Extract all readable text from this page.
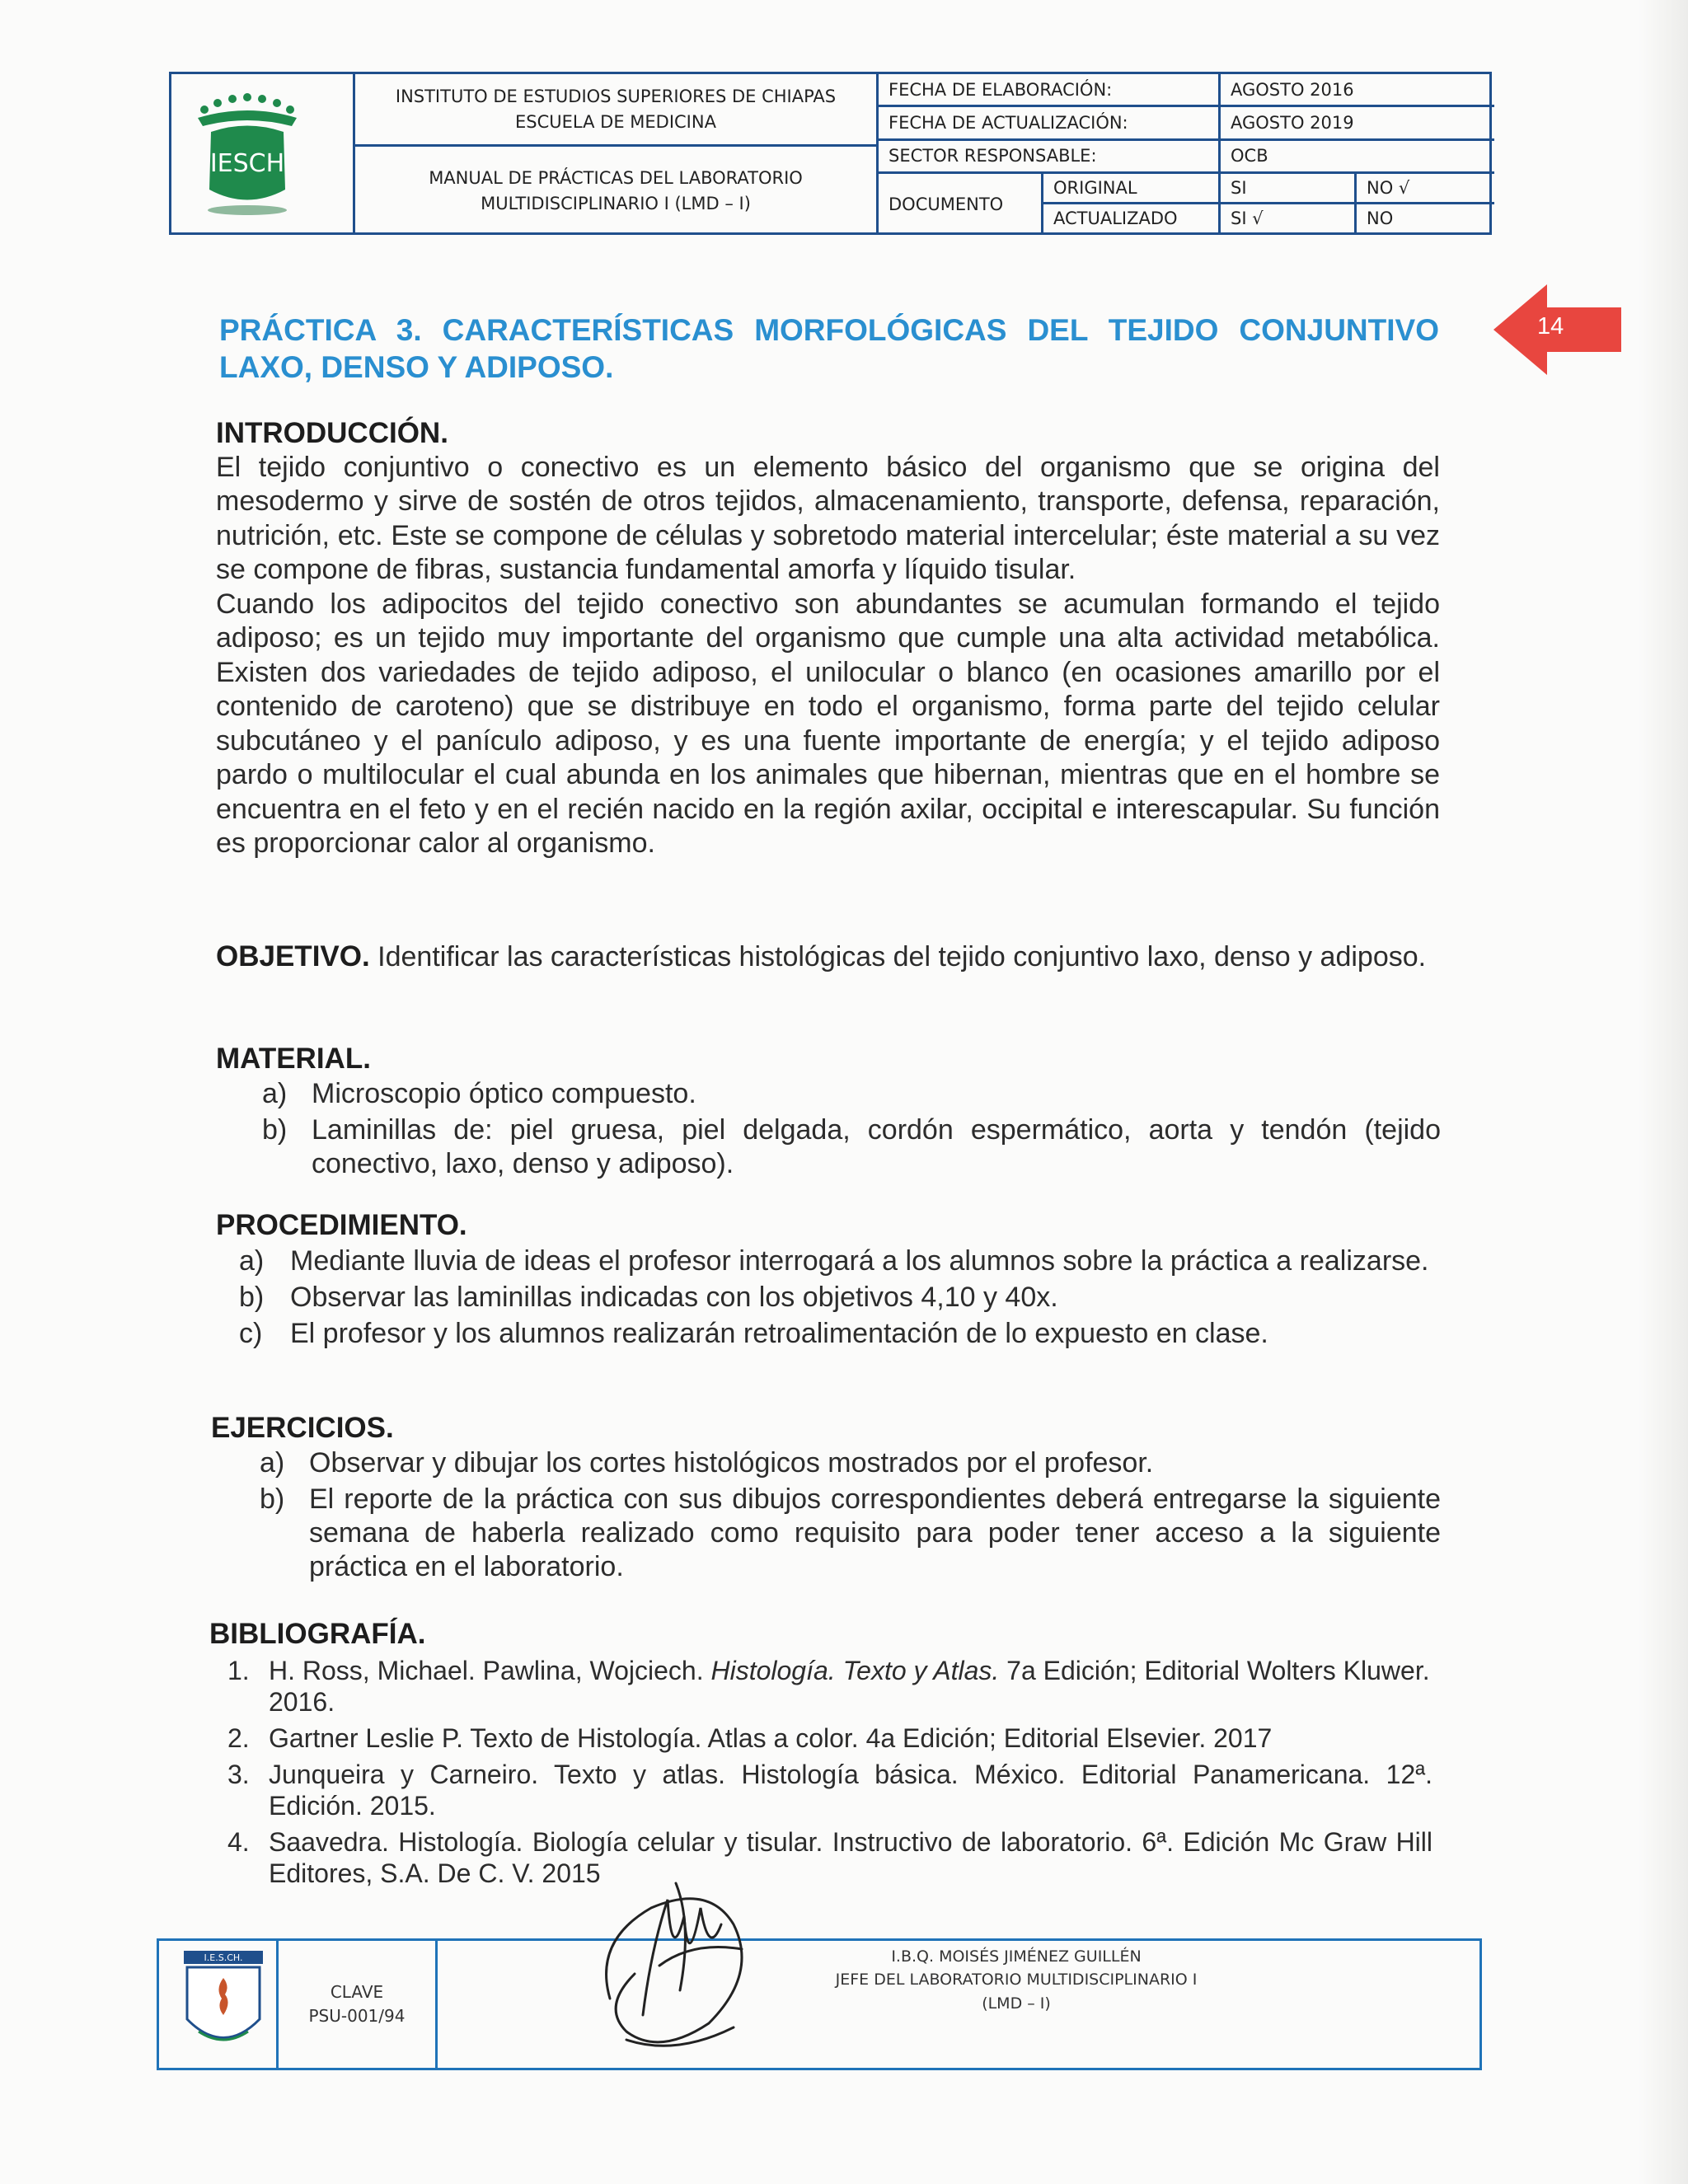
IESCH
INSTITUTO DE ESTUDIOS SUPERIORES DE CHIAPAS
ESCUELA DE MEDICINA
MANUAL DE PRÁCTICAS DEL LABORATORIO
MULTIDISCIPLINARIO I (LMD – I)
FECHA DE ELABORACIÓN:	AGOSTO 2016
FECHA DE ACTUALIZACIÓN:	AGOSTO 2019
SECTOR RESPONSABLE:	OCB
DOCUMENTO
ORIGINAL	SI	NO √
ACTUALIZADO	SI √	NO
14
PRÁCTICA 3. CARACTERÍSTICAS MORFOLÓGICAS DEL TEJIDO CONJUNTIVO LAXO, DENSO Y ADIPOSO.
INTRODUCCIÓN.

El tejido conjuntivo o conectivo es un elemento básico del organismo que se origina del mesodermo y sirve de sostén de otros tejidos, almacenamiento, transporte, defensa, reparación, nutrición, etc. Este se compone de células y sobretodo material intercelular; éste material a su vez se compone de fibras, sustancia fundamental amorfa y líquido tisular.

Cuando los adipocitos del tejido conectivo son abundantes se acumulan formando el tejido adiposo; es un tejido muy importante del organismo que cumple una alta actividad metabólica. Existen dos variedades de tejido adiposo, el unilocular o blanco (en ocasiones amarillo por el contenido de caroteno) que se distribuye en todo el organismo, forma parte del tejido celular subcutáneo y el panículo adiposo, y es una fuente importante de energía; y el tejido adiposo pardo o multilocular el cual abunda en los animales que hibernan, mientras que en el hombre se encuentra en el feto y en el recién nacido en la región axilar, occipital e interescapular. Su función es proporcionar calor al organismo.

OBJETIVO. Identificar las características histológicas del tejido conjuntivo laxo, denso y adiposo.
MATERIAL.
a) Microscopio óptico compuesto.
b) Laminillas de: piel gruesa, piel delgada, cordón espermático, aorta y tendón (tejido conectivo, laxo, denso y adiposo).
PROCEDIMIENTO.
a) Mediante lluvia de ideas el profesor interrogará a los alumnos sobre la práctica a realizarse.
b) Observar las laminillas indicadas con los objetivos 4,10 y 40x.
c) El profesor y los alumnos realizarán retroalimentación de lo expuesto en clase.
EJERCICIOS.
a) Observar y dibujar los cortes histológicos mostrados por el profesor.
b) El reporte de la práctica con sus dibujos correspondientes deberá entregarse la siguiente semana de haberla realizado como requisito para poder tener acceso a la siguiente práctica en el laboratorio.
BIBLIOGRAFÍA.
1. H. Ross, Michael. Pawlina, Wojciech. Histología. Texto y Atlas. 7a Edición; Editorial Wolters Kluwer. 2016.
2. Gartner Leslie P. Texto de Histología. Atlas a color. 4a Edición; Editorial Elsevier. 2017
3. Junqueira y Carneiro. Texto y atlas. Histología básica. México. Editorial Panamericana. 12ª. Edición. 2015.
4. Saavedra. Histología. Biología celular y tisular. Instructivo de laboratorio. 6ª. Edición Mc Graw Hill Editores, S.A. De C. V. 2015
I.E.S.CH.
CLAVE
PSU-001/94
I.B.Q. MOISÉS JIMÉNEZ GUILLÉN
JEFE DEL LABORATORIO MULTIDISCIPLINARIO I
(LMD – I)
